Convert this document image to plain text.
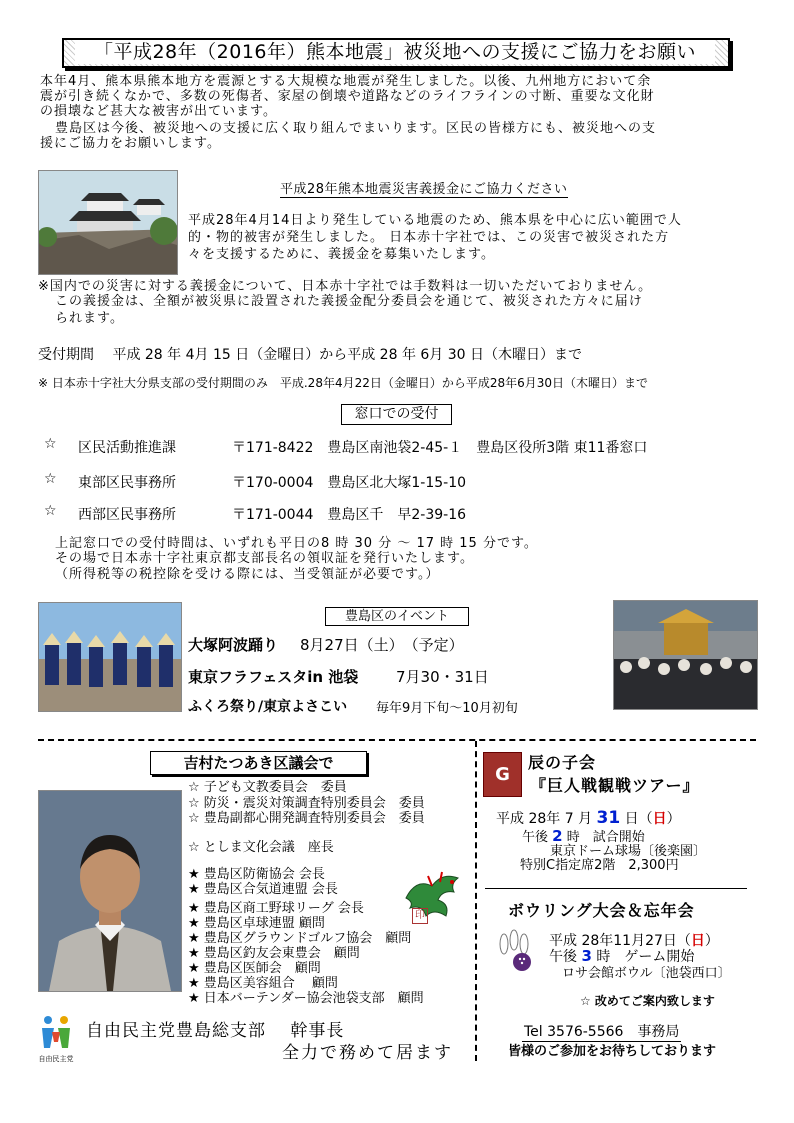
「平成28年（2016年）熊本地震」被災地への支援にご協力をお願い
本年4月、熊本県熊本地方を震源とする大規模な地震が発生しました。以後、九州地方において余
震が引き続くなかで、多数の死傷者、家屋の倒壊や道路などのライフラインの寸断、重要な文化財
の損壊など甚大な被害が出ています。
豊島区は今後、被災地への支援に広く取り組んでまいります。区民の皆様方にも、被災地への支
援にご協力をお願いします。
平成28年熊本地震災害義援金にご協力ください
平成28年4月14日より発生している地震のため、熊本県を中心に広い範囲で人
的・物的被害が発生しました。 日本赤十字社では、この災害で被災された方
々を支援するために、義援金を募集いたします。
※国内での災害に対する義援金について、日本赤十字社では手数料は一切いただいておりません。
この義援金は、全額が被災県に設置された義援金配分委員会を通じて、被災された方々に届け
られます。
受付期間　 平成 28 年 4月 15 日（金曜日）から平成 28 年 6月 30 日（木曜日）まで
※ 日本赤十字社大分県支部の受付期間のみ　平成.28年4月22日（金曜日）から平成28年6月30日（木曜日）まで
窓口での受付
☆ 区民活動推進課	〒171-8422　豊島区南池袋2-45-１　豊島区役所3階 東11番窓口
☆ 東部区民事務所	〒170-0004　豊島区北大塚1-15-10
☆ 西部区民事務所	〒171-0044　豊島区千　早2-39-16
上記窓口での受付時間は、いずれも平日の8 時 30 分 〜 17 時 15 分です。
その場で日本赤十字社東京都支部長名の領収証を発行いたします。
（所得税等の税控除を受ける際には、当受領証が必要です。）
豊島区のイベント
大塚阿波踊り 8月27日（土）　（予定）
東京フラフェスタin 池袋	7月30・31日
ふくろ祭り/東京よさこい 毎年9月下旬〜10月初旬
吉村たつあき区議会で
☆ 子ども文教委員会　委員
☆ 防災・震災対策調査特別委員会　委員
☆ 豊島副都心開発調査特別委員会　委員
☆ としま文化会議　座長
★ 豊島区防衛協会 会長
★ 豊島区合気道連盟 会長
★ 豊島区商工野球リーグ 会長
★ 豊島区卓球連盟 顧問
★ 豊島区グラウンドゴルフ協会　顧問
★ 豊島区釣友会東豊会　顧問
★ 豊島区医師会　顧問
★ 豊島区美容組合　 顧問
★ 日本バーテンダー協会池袋支部　顧問
印
自由民主党
自由民主党豊島総支部　 幹事長
全力で務めて居ます
G
辰の子会
『巨人戦観戦ツアー』
平成 28年 7 月 31 日（日）
午後 2 時　試合開始
東京ドーム球場〔後楽園〕
特別C指定席2階　2,300円
ボウリング大会＆忘年会
平成 28年11月27日（日）
午後 3 時　ゲーム開始
ロサ会館ボウル〔池袋西口〕
☆ 改めてご案内致します
Tel 3576-5566　事務局
皆様のご参加をお待ちしております
